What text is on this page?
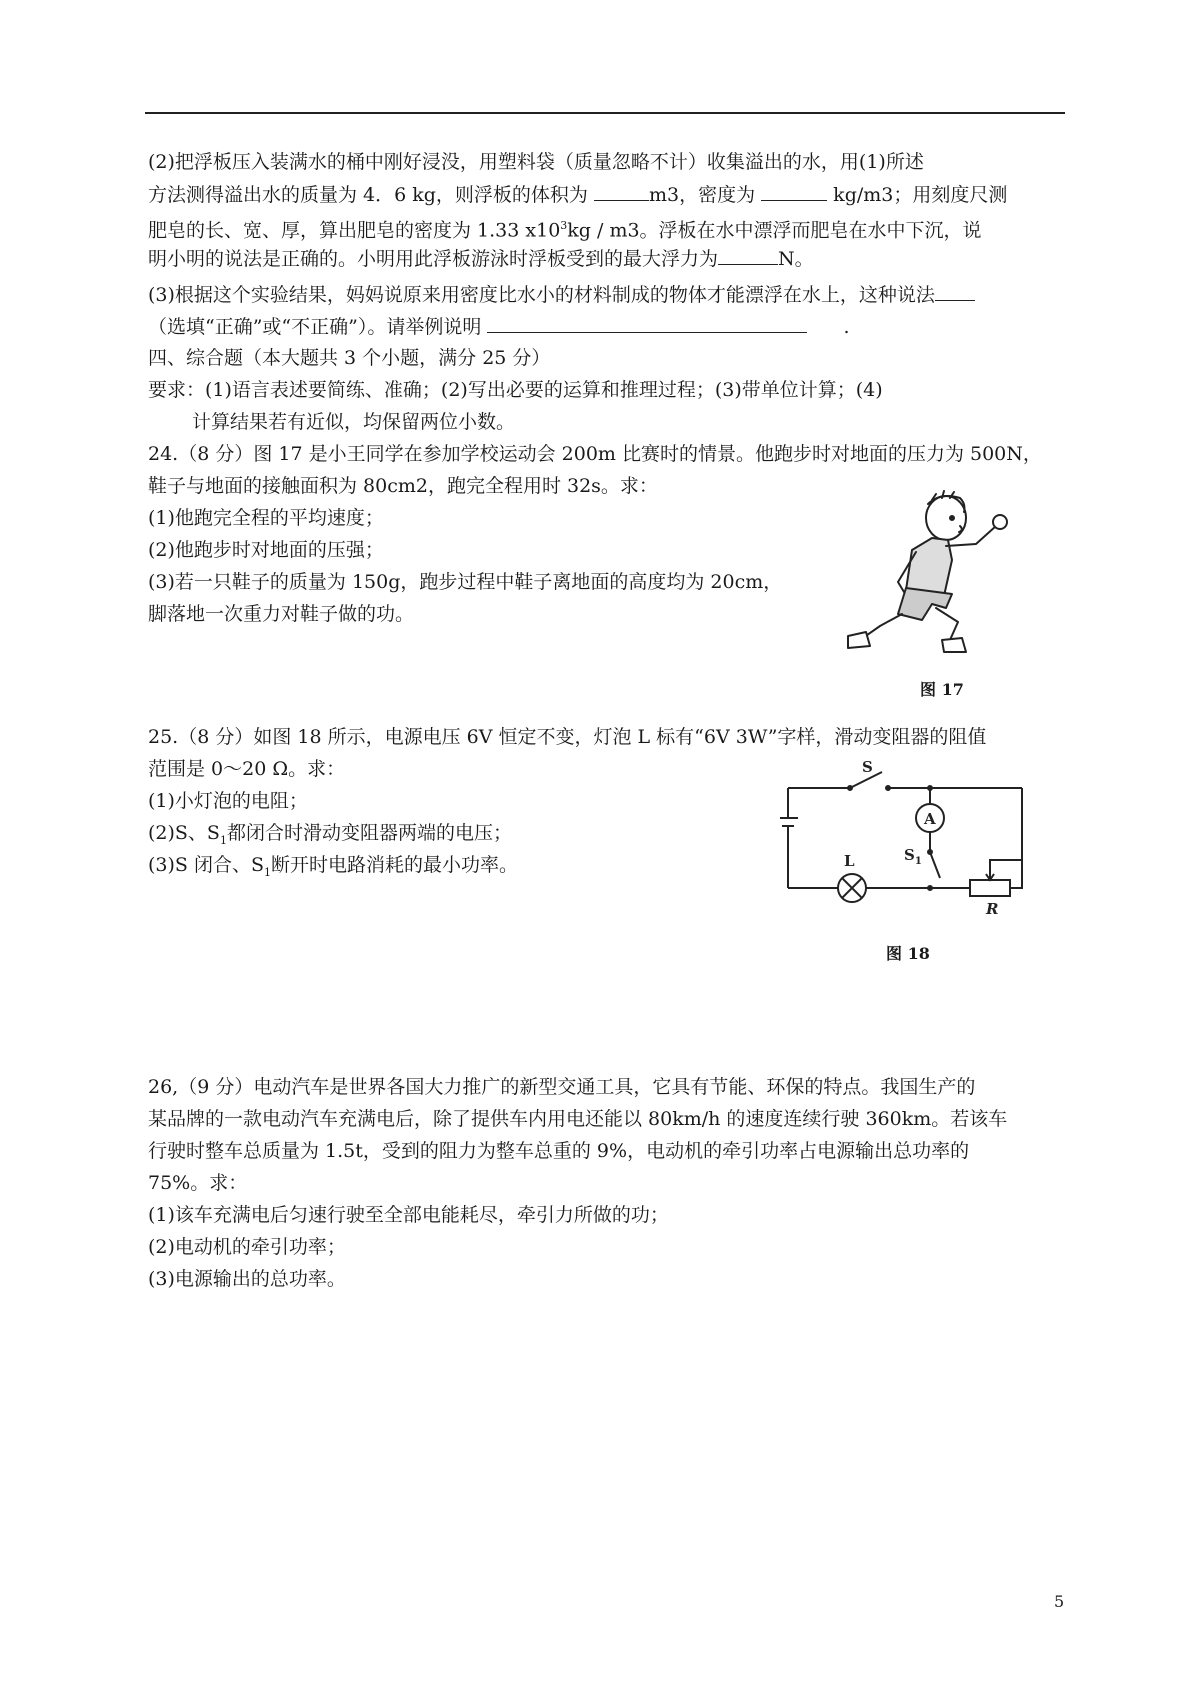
(2)把浮板压入装满水的桶中刚好浸没，用塑料袋（质量忽略不计）收集溢出的水，用(1)所述
方法测得溢出水的质量为 4．6 kg，则浮板的体积为	m3，密度为	kg/m3；用刻度尺测
肥皂的长、宽、厚，算出肥皂的密度为 1.33 $x10^3kg / m3$。浮板在水中漂浮而肥皂在水中下沉，说
明小明的说法是正确的。小明用此浮板游泳时浮板受到的最大浮力为	N。
(3)根据这个实验结果，妈妈说原来用密度比水小的材料制成的物体才能漂浮在水上，这种说法
（选填“正确”或“不正确”）。请举例说明	.
四、综合题（本大题共 3 个小题，满分 25 分）
要求：(1)语言表述要简练、准确；(2)写出必要的运算和推理过程；(3)带单位计算；(4)
计算结果若有近似，均保留两位小数。
24.（8 分）图 17 是小王同学在参加学校运动会 200m 比赛时的情景。他跑步时对地面的压力为 500N，
鞋子与地面的接触面积为 80cm2，跑完全程用时 32s。求：
(1)他跑完全程的平均速度；
(2)他跑步时对地面的压强；
(3)若一只鞋子的质量为 150g，跑步过程中鞋子离地面的高度均为 20cm，
脚落地一次重力对鞋子做的功。
图 17
25.（8 分）如图 18 所示，电源电压 6V 恒定不变，灯泡 L 标有“6V 3W”字样，滑动变阻器的阻值
范围是 0～20 Ω。求：
(1)小灯泡的电阻；
(2)S、$S_1$都闭合时滑动变阻器两端的电压；
(3)S 闭合、$S_1$断开时电路消耗的最小功率。
S
A
$S_1$
L
R
图 18
26,（9 分）电动汽车是世界各国大力推广的新型交通工具，它具有节能、环保的特点。我国生产的
某品牌的一款电动汽车充满电后，除了提供车内用电还能以 80km/h 的速度连续行驶 360km。若该车
行驶时整车总质量为 1.5t，受到的阻力为整车总重的 9%，电动机的牵引功率占电源输出总功率的
75%。求：
(1)该车充满电后匀速行驶至全部电能耗尽，牵引力所做的功；
(2)电动机的牵引功率；
(3)电源输出的总功率。
5
